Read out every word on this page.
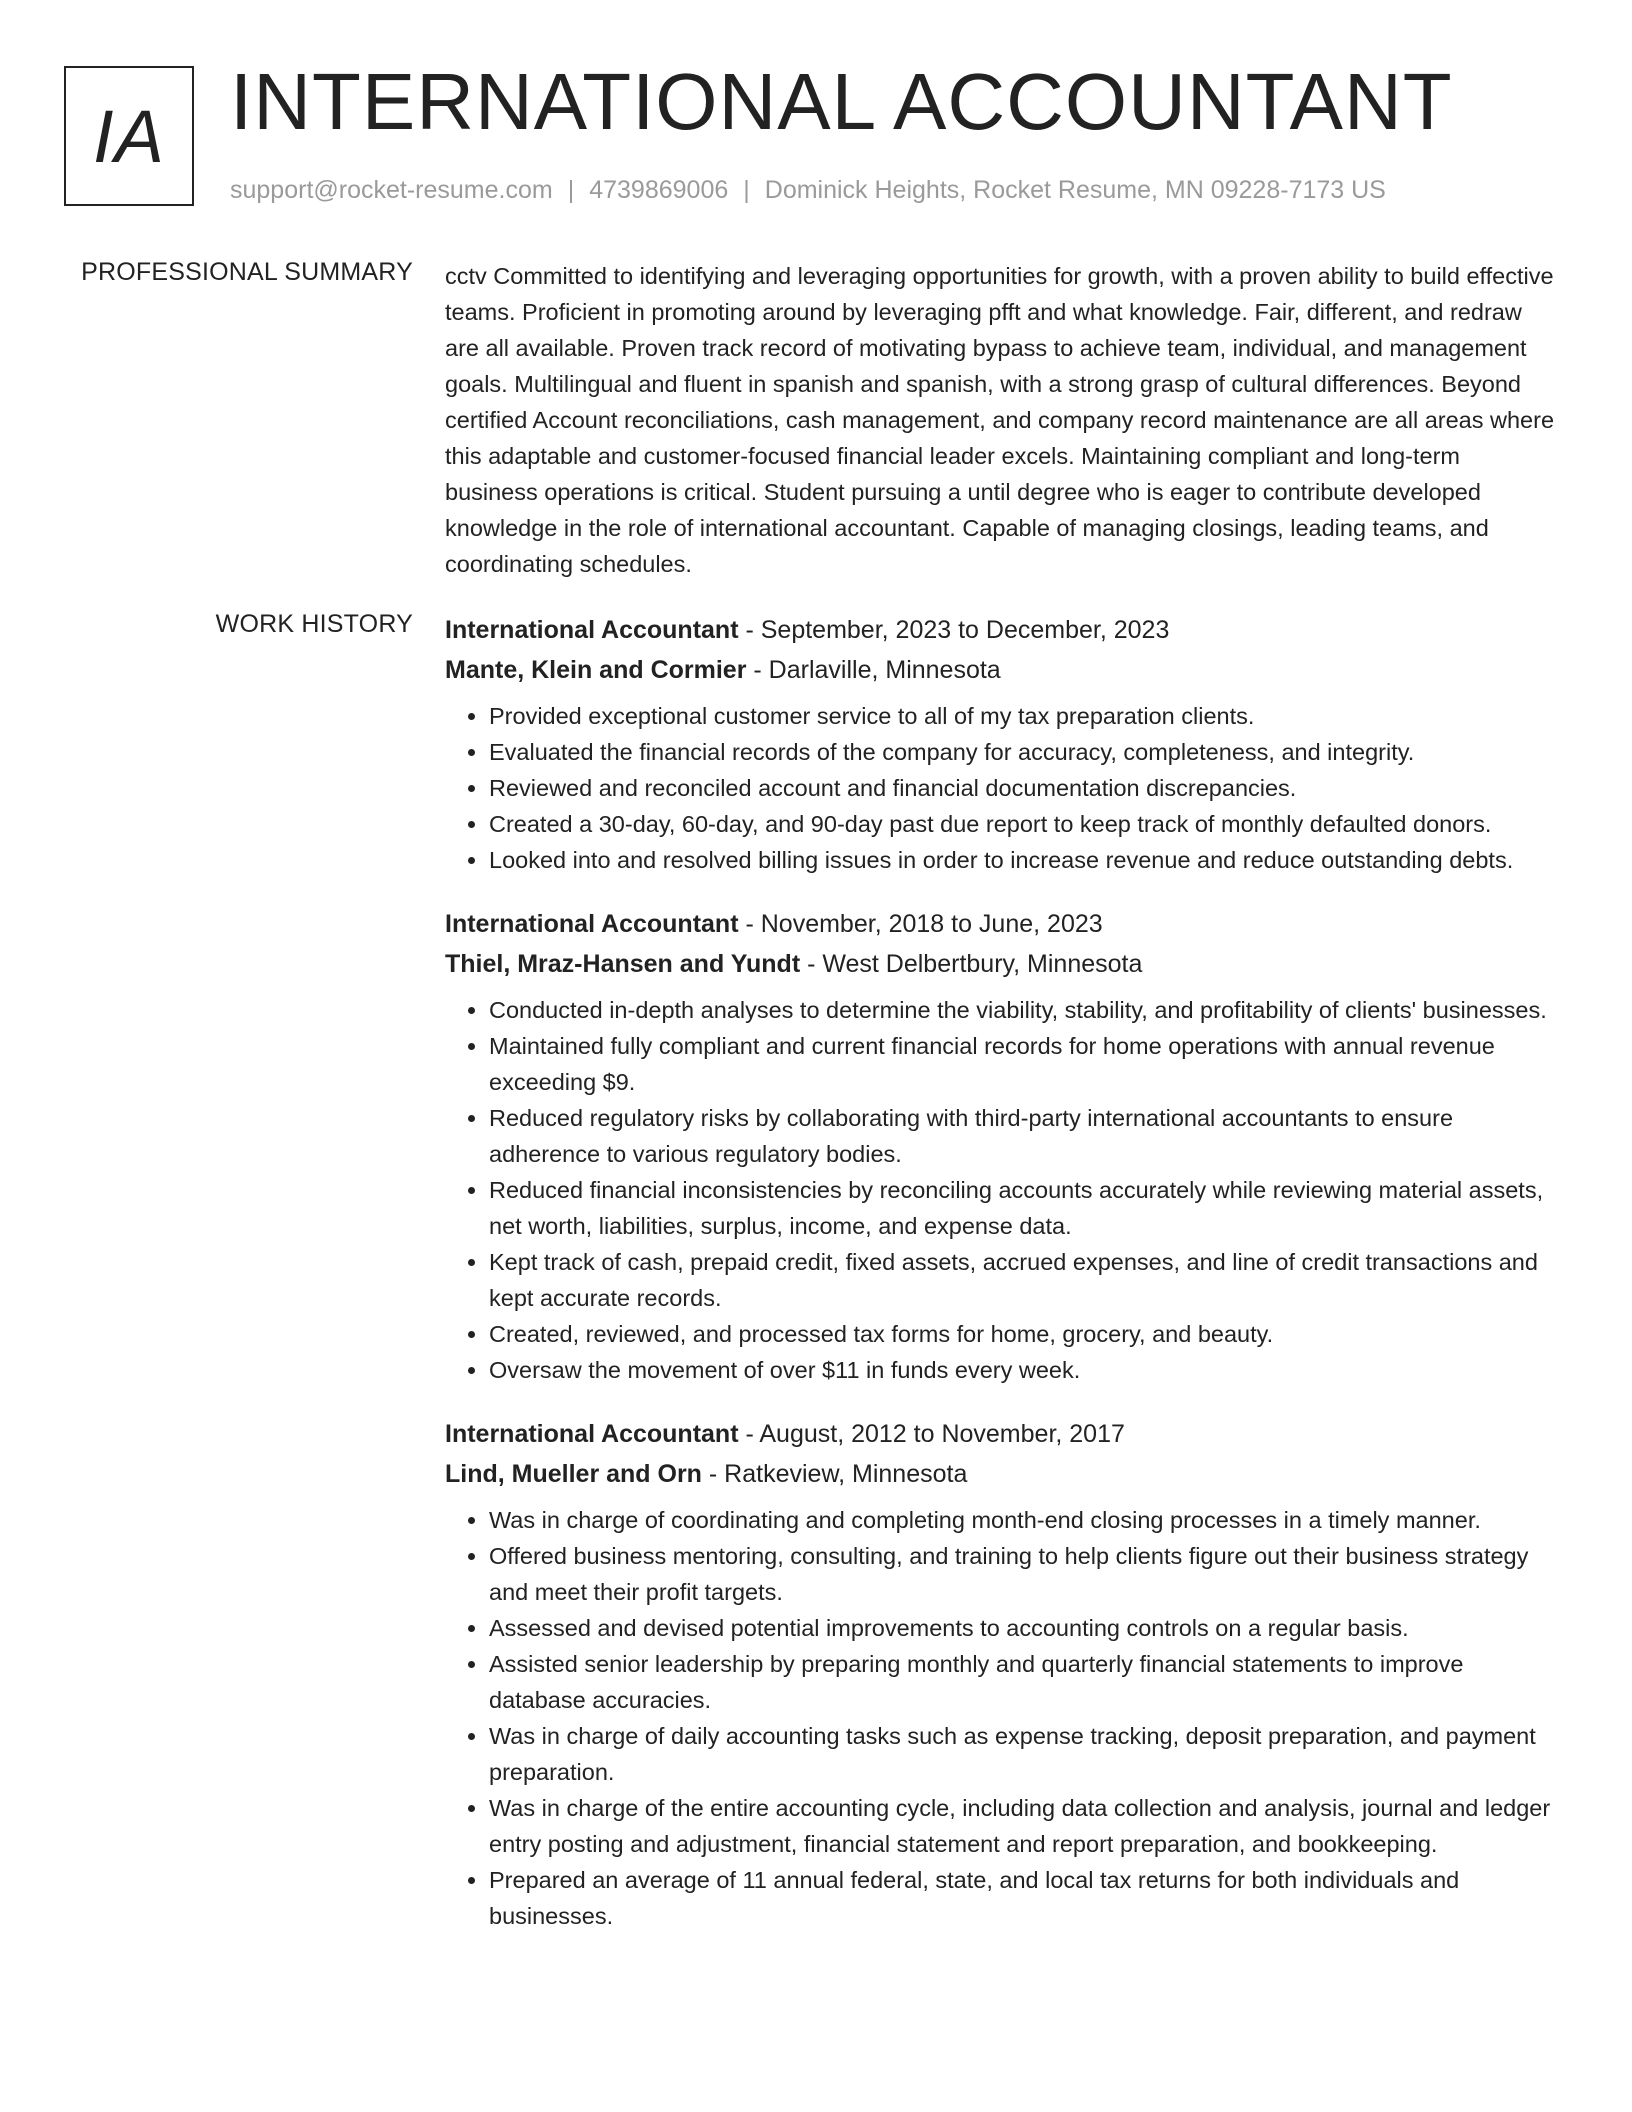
IA INTERNATIONAL ACCOUNTANT
support@rocket-resume.com | 4739869006 | Dominick Heights, Rocket Resume, MN 09228-7173 US
PROFESSIONAL SUMMARY cctv Committed to identifying and leveraging opportunities for growth, with a proven ability to build effective teams. Proficient in promoting around by leveraging pfft and what knowledge. Fair, different, and redraw are all available. Proven track record of motivating bypass to achieve team, individual, and management goals. Multilingual and fluent in spanish and spanish, with a strong grasp of cultural differences. Beyond certified Account reconciliations, cash management, and company record maintenance are all areas where this adaptable and customer-focused financial leader excels. Maintaining compliant and long-term business operations is critical. Student pursuing a until degree who is eager to contribute developed knowledge in the role of international accountant. Capable of managing closings, leading teams, and coordinating schedules.

WORK HISTORY International Accountant - September, 2023 to December, 2023
Mante, Klein and Cormier - Darlaville, Minnesota
• Provided exceptional customer service to all of my tax preparation clients.
• Evaluated the financial records of the company for accuracy, completeness, and integrity.
• Reviewed and reconciled account and financial documentation discrepancies.
• Created a 30-day, 60-day, and 90-day past due report to keep track of monthly defaulted donors.
• Looked into and resolved billing issues in order to increase revenue and reduce outstanding debts.
International Accountant - November, 2018 to June, 2023
Thiel, Mraz-Hansen and Yundt - West Delbertbury, Minnesota
• Conducted in-depth analyses to determine the viability, stability, and profitability of clients' businesses.
• Maintained fully compliant and current financial records for home operations with annual revenue exceeding $9.
• Reduced regulatory risks by collaborating with third-party international accountants to ensure adherence to various regulatory bodies.
• Reduced financial inconsistencies by reconciling accounts accurately while reviewing material assets, net worth, liabilities, surplus, income, and expense data.
• Kept track of cash, prepaid credit, fixed assets, accrued expenses, and line of credit transactions and kept accurate records.
• Created, reviewed, and processed tax forms for home, grocery, and beauty.
• Oversaw the movement of over $11 in funds every week.
International Accountant - August, 2012 to November, 2017
Lind, Mueller and Orn - Ratkeview, Minnesota
• Was in charge of coordinating and completing month-end closing processes in a timely manner.
• Offered business mentoring, consulting, and training to help clients figure out their business strategy and meet their profit targets.
• Assessed and devised potential improvements to accounting controls on a regular basis.
• Assisted senior leadership by preparing monthly and quarterly financial statements to improve database accuracies.
• Was in charge of daily accounting tasks such as expense tracking, deposit preparation, and payment preparation.
• Was in charge of the entire accounting cycle, including data collection and analysis, journal and ledger entry posting and adjustment, financial statement and report preparation, and bookkeeping.
• Prepared an average of 11 annual federal, state, and local tax returns for both individuals and businesses.
